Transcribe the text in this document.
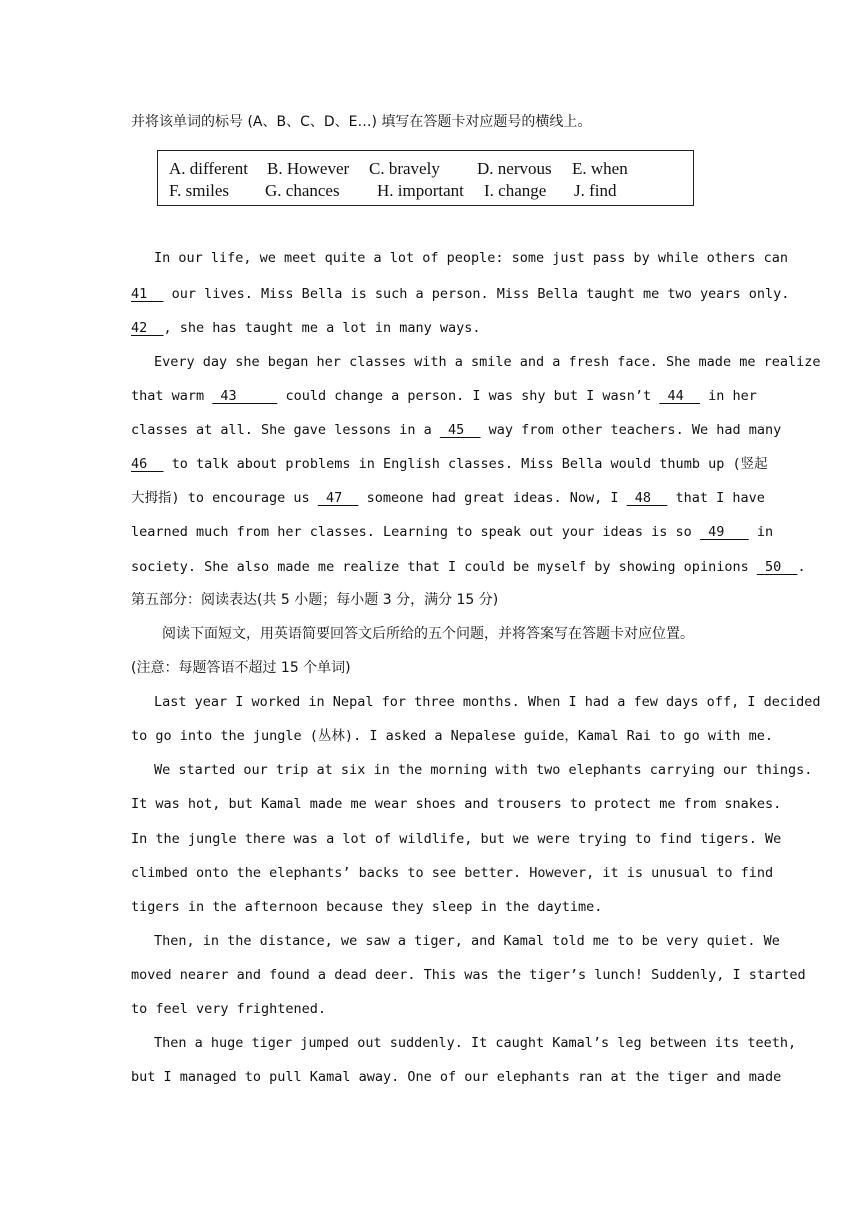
并将该单词的标号 (A、B、C、D、E…) 填写在答题卡对应题号的横线上。
A. different B. However C. bravely D. nervous E. when
F. smiles G. chances H. important I. change J. find
In our life, we meet quite a lot of people: some just pass by while others can
41   our lives. Miss Bella is such a person. Miss Bella taught me two years only.
42  , she has taught me a lot in many ways.
Every day she began her classes with a smile and a fresh face. She made me realize
that warm  43      could change a person. I was shy but I wasn’t  44   in her
classes at all. She gave lessons in a  45   way from other teachers. We had many
46   to talk about problems in English classes. Miss Bella would thumb up (竖起
大拇指) to encourage us  47   someone had great ideas. Now, I  48   that I have
learned much from her classes. Learning to speak out your ideas is so  49    in
society. She also made me realize that I could be myself by showing opinions  50  .
第五部分：阅读表达(共 5 小题；每小题 3 分，满分 15 分)
阅读下面短文，用英语简要回答文后所给的五个问题，并将答案写在答题卡对应位置。
(注意：每题答语不超过 15 个单词)
Last year I worked in Nepal for three months. When I had a few days off, I decided
to go into the jungle (丛林). I asked a Nepalese guide，Kamal Rai to go with me.
We started our trip at six in the morning with two elephants carrying our things.
It was hot, but Kamal made me wear shoes and trousers to protect me from snakes.
In the jungle there was a lot of wildlife, but we were trying to find tigers. We
climbed onto the elephants’ backs to see better. However, it is unusual to find
tigers in the afternoon because they sleep in the daytime.
Then, in the distance, we saw a tiger, and Kamal told me to be very quiet. We
moved nearer and found a dead deer. This was the tiger’s lunch! Suddenly, I started
to feel very frightened.
Then a huge tiger jumped out suddenly. It caught Kamal’s leg between its teeth,
but I managed to pull Kamal away. One of our elephants ran at the tiger and made
